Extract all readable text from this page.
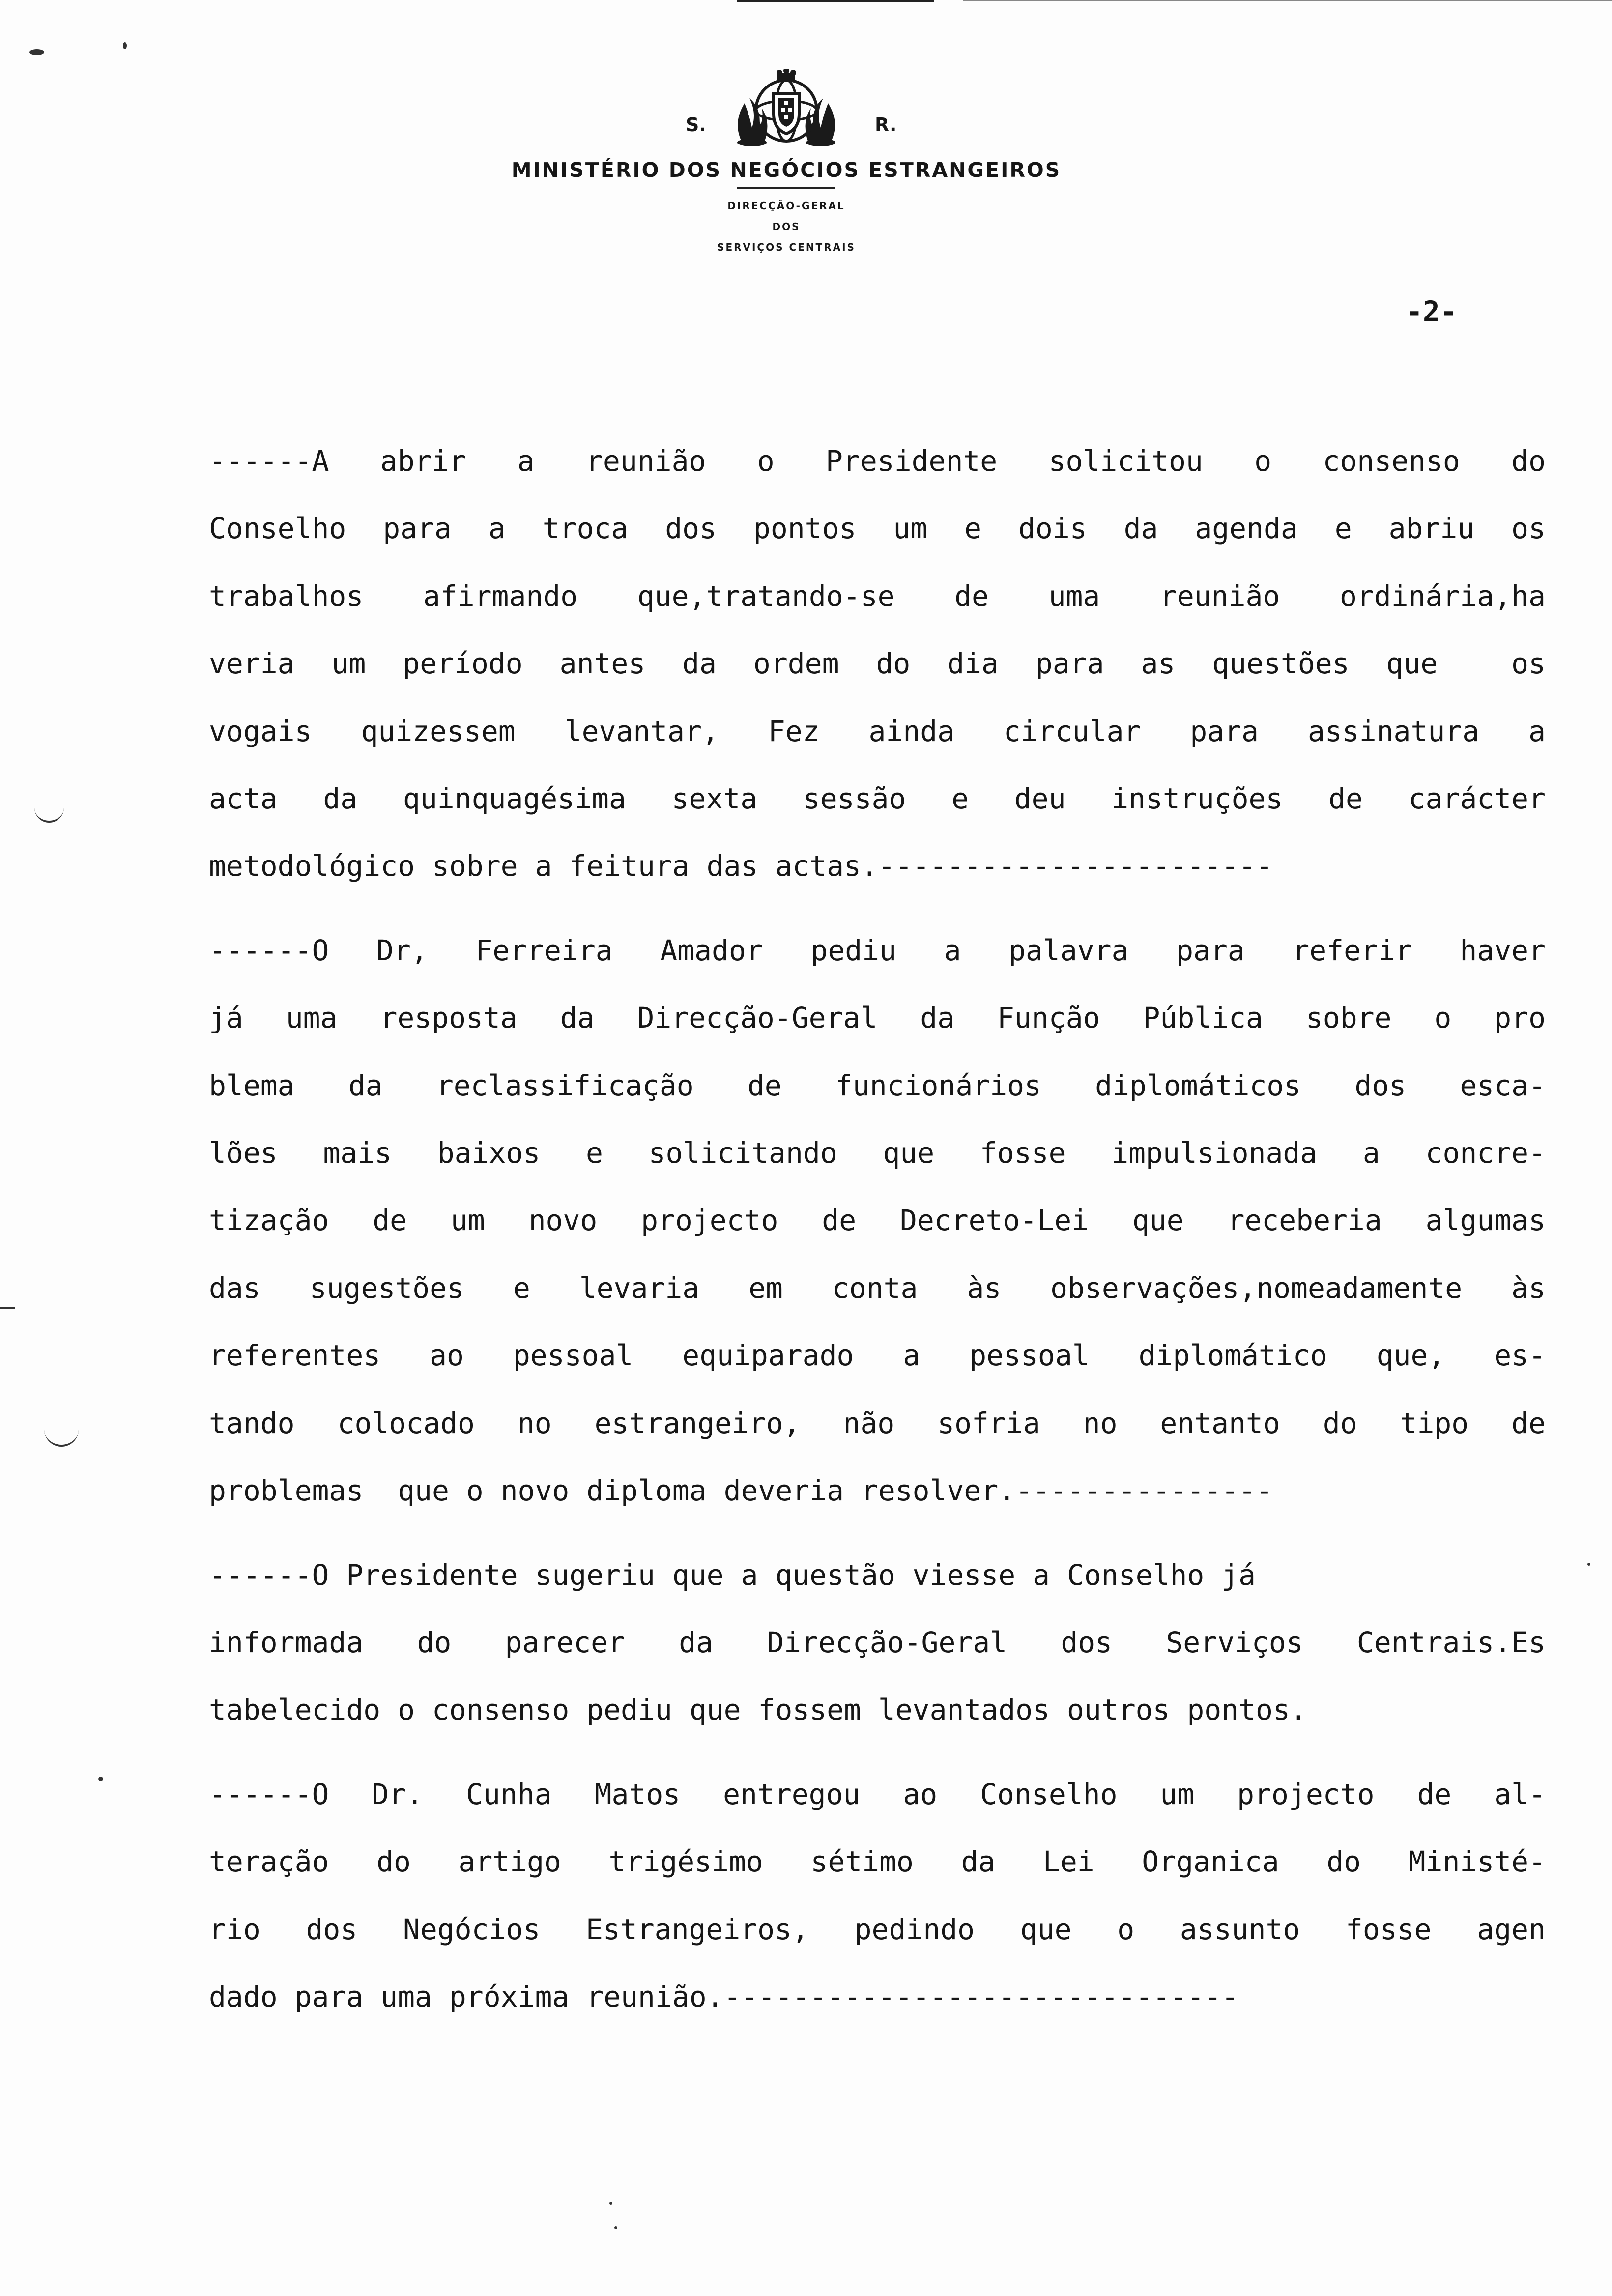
S.	R.
MINISTÉRIO DOS NEGÓCIOS ESTRANGEIROS
DIRECÇÃO-GERAL
DOS
SERVIÇOS CENTRAIS
-2-
------A abrir a reunião o Presidente solicitou o consenso do
Conselho para a troca dos pontos um e dois da agenda e abriu os
trabalhos afirmando que,tratando-se de uma reunião ordinária,ha
veria um período antes da ordem do dia para as questões que  os
vogais quizessem levantar, Fez ainda circular para assinatura a
acta da quinquagésima sexta sessão e deu instruções de carácter
metodológico sobre a feitura das actas.-----------------------
------O Dr, Ferreira Amador pediu a palavra para referir haver
já uma resposta da Direcção-Geral da Função Pública sobre o pro
blema da reclassificação de funcionários diplomáticos dos esca-
lões mais baixos e solicitando que fosse impulsionada a concre-
tização de um novo projecto de Decreto-Lei que receberia algumas
das sugestões e levaria em conta às observações,nomeadamente às
referentes ao pessoal equiparado a pessoal diplomático que, es-
tando colocado no estrangeiro, não sofria no entanto do tipo de
problemas  que o novo diploma deveria resolver.---------------
------O Presidente sugeriu que a questão viesse a Conselho já
informada do parecer da Direcção-Geral dos Serviços Centrais.Es
tabelecido o consenso pediu que fossem levantados outros pontos.
------O Dr. Cunha Matos entregou ao Conselho um projecto de al-
teração do artigo trigésimo sétimo da Lei Organica do Ministé-
rio dos Negócios Estrangeiros, pedindo que o assunto fosse agen
dado para uma próxima reunião.------------------------------
